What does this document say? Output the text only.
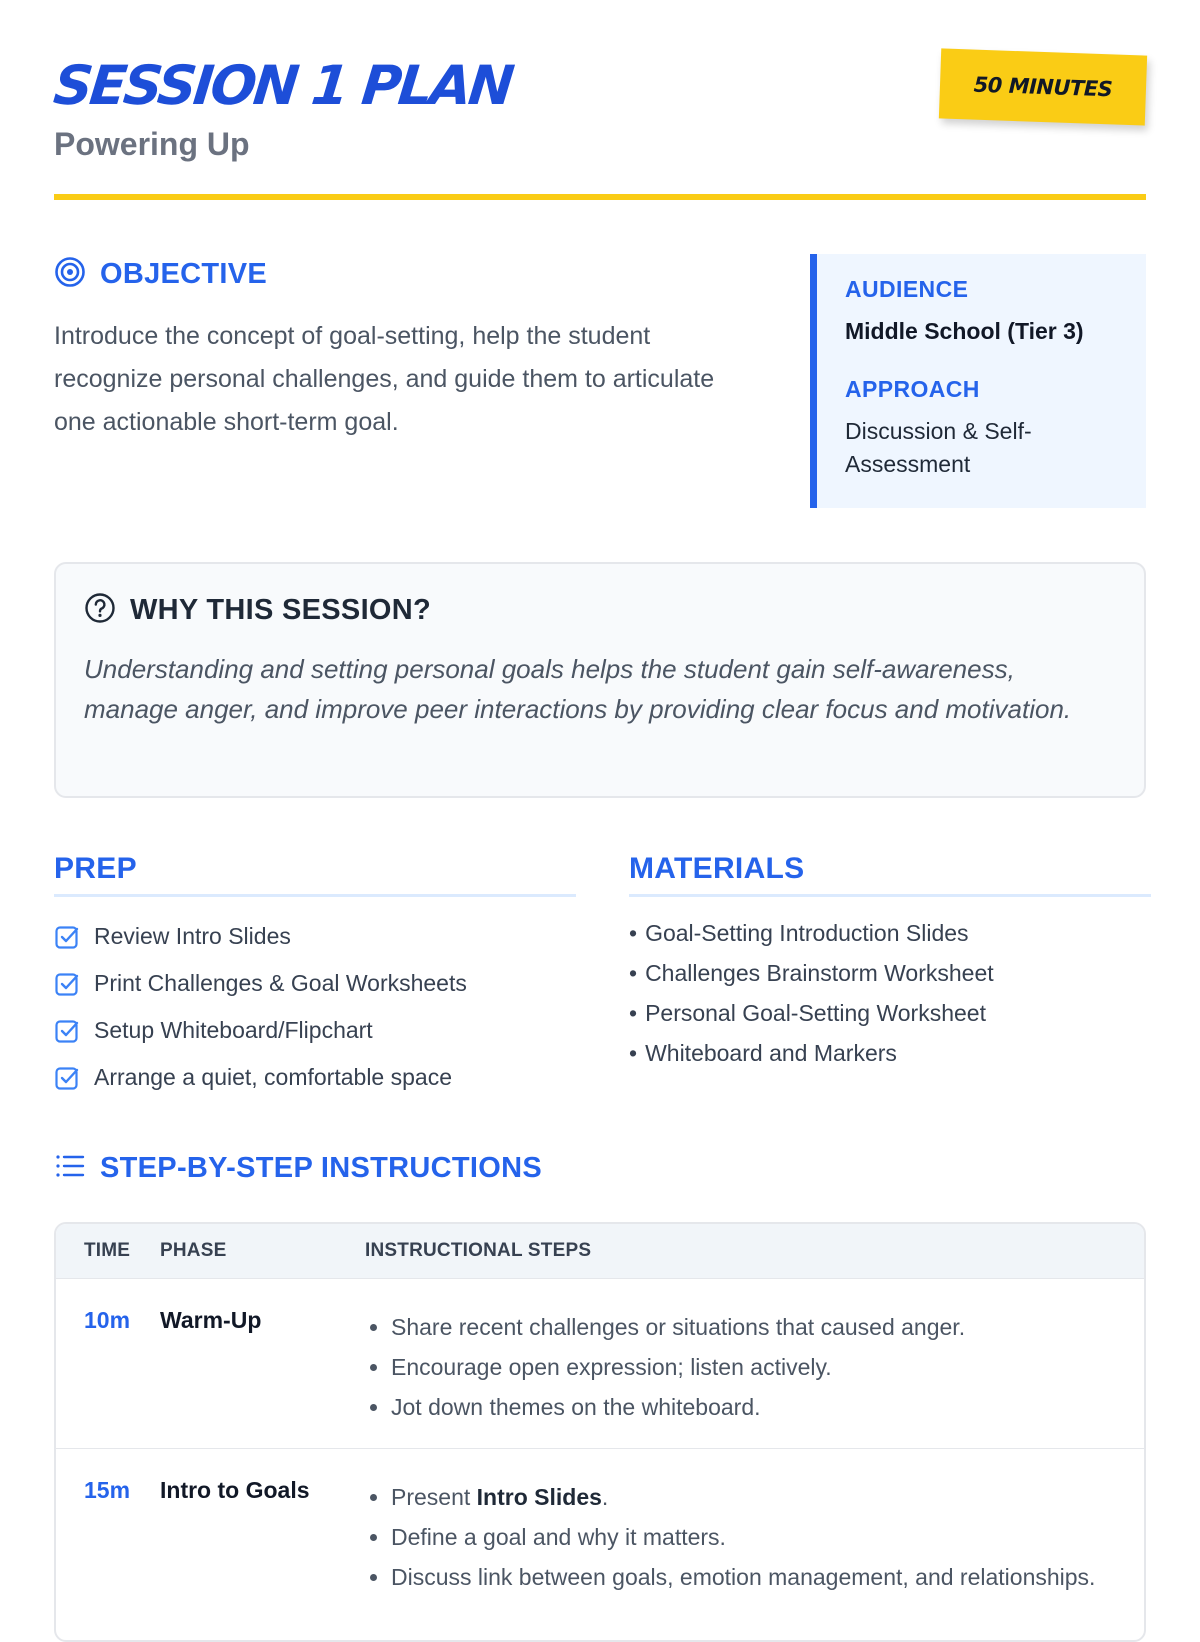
SESSION 1 PLAN
Powering Up
50 MINUTES
OBJECTIVE
Introduce the concept of goal-setting, help the student recognize personal challenges, and guide them to articulate one actionable short-term goal.
AUDIENCE
Middle School (Tier 3)
APPROACH
Discussion & Self-Assessment
WHY THIS SESSION?
Understanding and setting personal goals helps the student gain self-awareness, manage anger, and improve peer interactions by providing clear focus and motivation.
PREP
Review Intro Slides
Print Challenges & Goal Worksheets
Setup Whiteboard/Flipchart
Arrange a quiet, comfortable space
MATERIALS
• Goal-Setting Introduction Slides
• Challenges Brainstorm Worksheet
• Personal Goal-Setting Worksheet
• Whiteboard and Markers
STEP-BY-STEP INSTRUCTIONS
TIME	PHASE	INSTRUCTIONAL STEPS
10m	Warm-Up	• Share recent challenges or situations that caused anger.
• Encourage open expression; listen actively.
• Jot down themes on the whiteboard.
15m	Intro to Goals	• Present Intro Slides.
• Define a goal and why it matters.
• Discuss link between goals, emotion management, and relationships.
